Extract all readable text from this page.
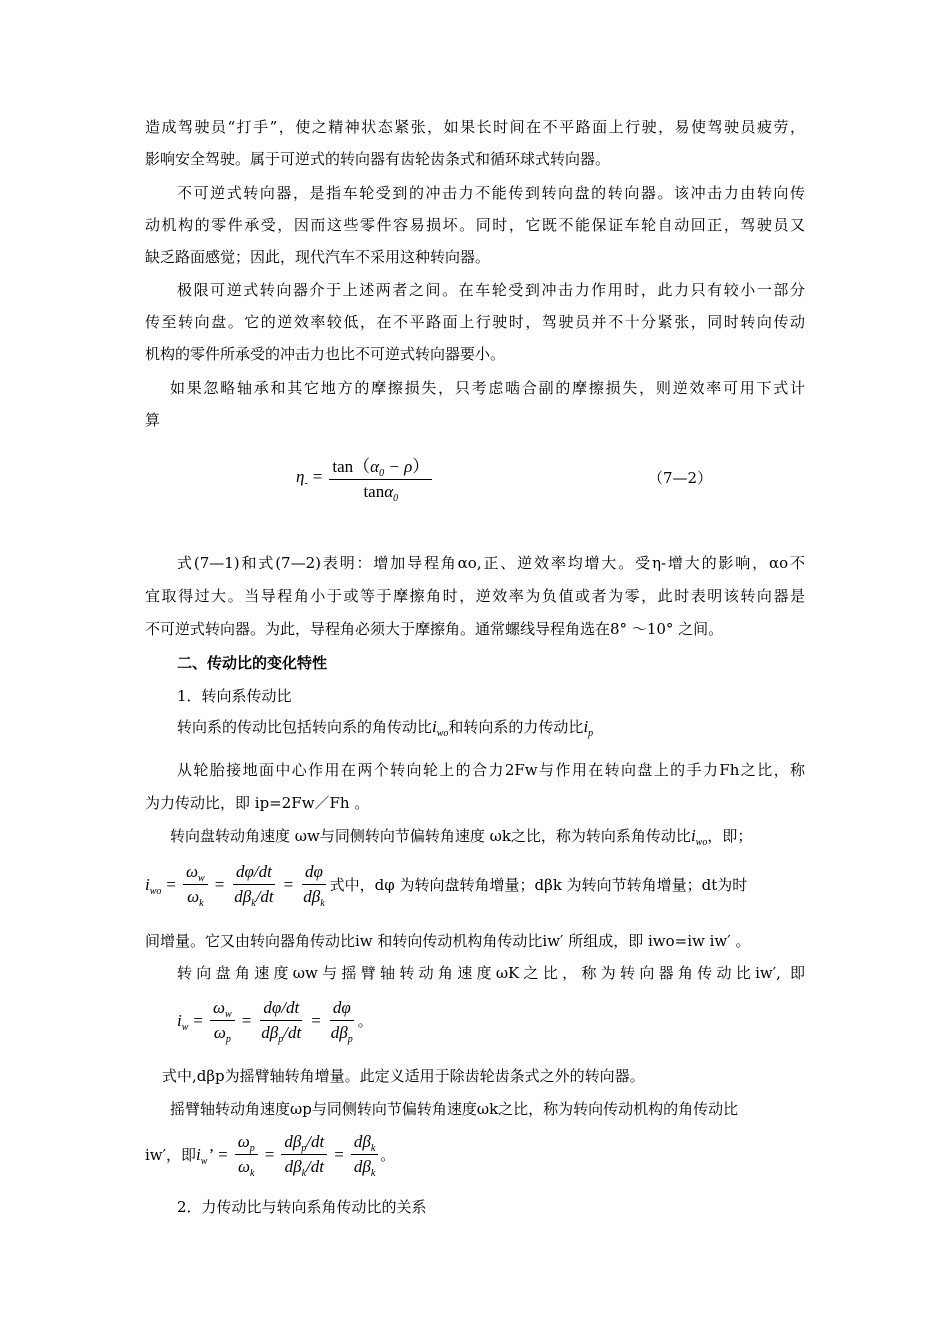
造成驾驶员“打手”，使之精神状态紧张，如果长时间在不平路面上行驶，易使驾驶员疲劳，
影响安全驾驶。属于可逆式的转向器有齿轮齿条式和循环球式转向器。
不可逆式转向器，是指车轮受到的冲击力不能传到转向盘的转向器。该冲击力由转向传
动机构的零件承受，因而这些零件容易损坏。同时，它既不能保证车轮自动回正，驾驶员又
缺乏路面感觉；因此，现代汽车不采用这种转向器。
极限可逆式转向器介于上述两者之间。在车轮受到冲击力作用时，此力只有较小一部分
传至转向盘。它的逆效率较低，在不平路面上行驶时，驾驶员并不十分紧张，同时转向传动
机构的零件所承受的冲击力也比不可逆式转向器要小。
如果忽略轴承和其它地方的摩擦损失，只考虑啮合副的摩擦损失，则逆效率可用下式计
算
$\eta_- = \frac{\tan(\alpha_0 - \rho)}{\tan\alpha_0}$	（7—2）
式(7—1)和式(7—2)表明：增加导程角αo,正、逆效率均增大。受η-增大的影响，αo不
宜取得过大。当导程角小于或等于摩擦角时，逆效率为负值或者为零，此时表明该转向器是
不可逆式转向器。为此，导程角必须大于摩擦角。通常螺线导程角选在8° ～10° 之间。
二、传动比的变化特性
1．转向系传动比
转向系的传动比包括转向系的角传动比$i_{wo}$和转向系的力传动比$i_p$
从轮胎接地面中心作用在两个转向轮上的合力2Fw与作用在转向盘上的手力Fh之比，称
为力传动比，即 ip=2Fw／Fh 。
转向盘转动角速度 ωw与同侧转向节偏转角速度 ωk之比，称为转向系角传动比$i_{wo}$，即；
$i_{wo} = \frac{\omega_w}{\omega_k} = \frac{d\varphi/dt}{d\beta_k/dt} = \frac{d\varphi}{d\beta_k}$ 式中，dφ 为转向盘转角增量；dβk 为转向节转角增量；dt为时
间增量。它又由转向器角传动比iw 和转向传动机构角传动比iw′ 所组成，即 iwo=iw iw′ 。
转向盘角速度ωw与摇臂轴转动角速度ωK之比，称为转向器角传动比iw′, 即
$i_w = \frac{\omega_w}{\omega_p} = \frac{d\varphi/dt}{d\beta_p/dt} = \frac{d\varphi}{d\beta_p}$ 。
式中,dβp为摇臂轴转角增量。此定义适用于除齿轮齿条式之外的转向器。
摇臂轴转动角速度ωp与同侧转向节偏转角速度ωk之比，称为转向传动机构的角传动比
iw′，即 $i_w$’ = $\frac{\omega_p}{\omega_k} = \frac{d\beta_p/dt}{d\beta_k/dt} = \frac{d\beta_k}{d\beta_k}$ 。
2．力传动比与转向系角传动比的关系
